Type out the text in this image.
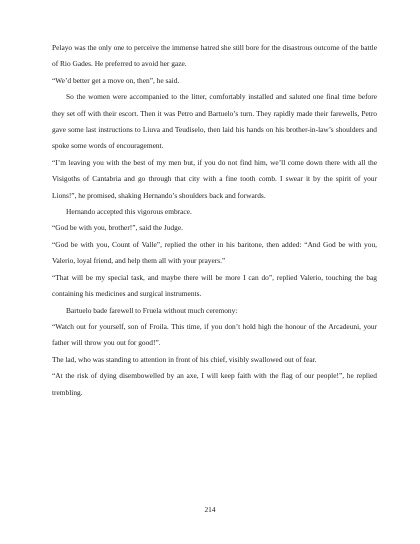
Pelayo was the only one to perceive the immense hatred she still bore for the disastrous outcome of the battle of Rio Gades. He preferred to avoid her gaze.

“We’d better get a move on, then”, he said.

So the women were accompanied to the litter, comfortably installed and saluted one final time before they set off with their escort. Then it was Petro and Bartuelo’s turn. They rapidly made their farewells, Petro gave some last instructions to Liuva and Teudiselo, then laid his hands on his brother-in-law’s shoulders and spoke some words of encouragement.

“I’m leaving you with the best of my men but, if you do not find him, we’ll come down there with all the Visigoths of Cantabria and go through that city with a fine tooth comb. I swear it by the spirit of your Lions!”, he promised, shaking Hernando’s shoulders back and forwards.

Hernando accepted this vigorous embrace.

“God be with you, brother!”, said the Judge.

“God be with you, Count of Valle”, replied the other in his baritone, then added: “And God be with you, Valerio, loyal friend, and help them all with your prayers.”

“That will be my special task, and maybe there will be more I can do”, replied Valerio, touching the bag containing his medicines and surgical instruments.

Bartuelo bade farewell to Fruela without much ceremony:

“Watch out for yourself, son of Froila. This time, if you don’t hold high the honour of the Arcadeuni, your father will throw you out for good!”.

The lad, who was standing to attention in front of his chief, visibly swallowed out of fear.

“At the risk of dying disembowelled by an axe, I will keep faith with the flag of our people!”, he replied trembling.

214
